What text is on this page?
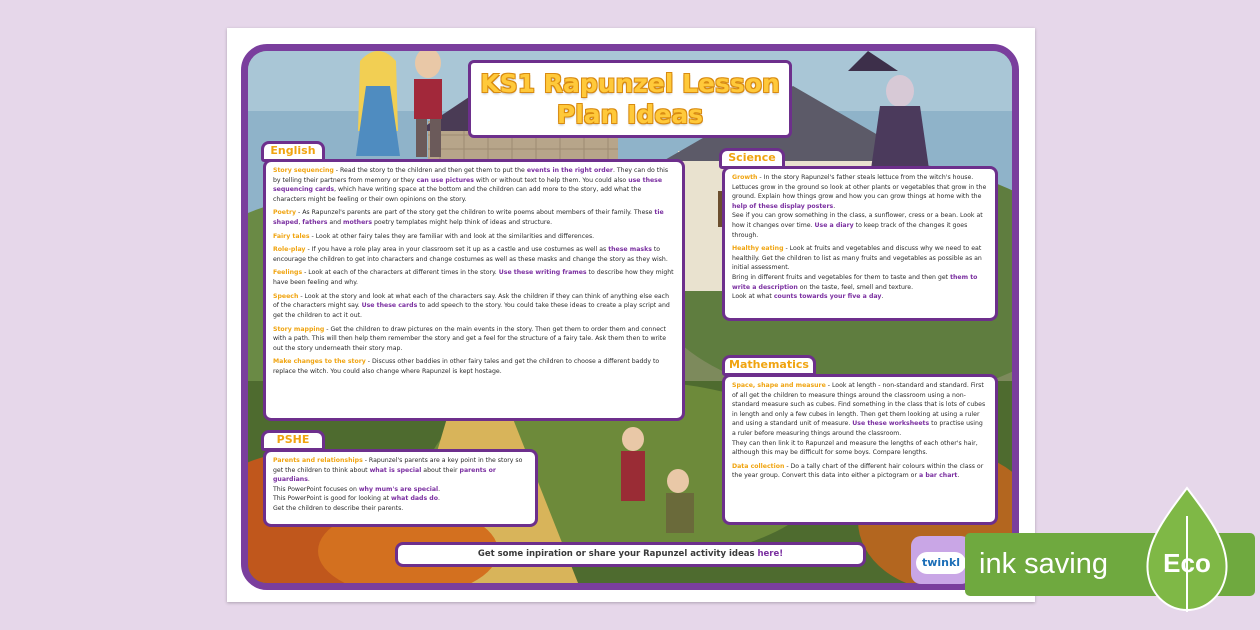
KS1 Rapunzel Lesson
Plan Ideas
English

Story sequencing - Read the story to the children and then get them to put the events in the right order. They can do this by telling their partners from memory or they can use pictures with or without text to help them. You could also use these sequencing cards, which have writing space at the bottom and the children can add more to the story, add what the characters might be feeling or their own opinions on the story.

Poetry - As Rapunzel's parents are part of the story get the children to write poems about members of their family. These tie shaped, fathers and mothers poetry templates might help think of ideas and structure.

Fairy tales - Look at other fairy tales they are familiar with and look at the similarities and differences.

Role-play - If you have a role play area in your classroom set it up as a castle and use costumes as well as these masks to encourage the children to get into characters and change costumes as well as these masks and change the story as they wish.

Feelings - Look at each of the characters at different times in the story. Use these writing frames to describe how they might have been feeling and why.

Speech - Look at the story and look at what each of the characters say. Ask the children if they can think of anything else each of the characters might say. Use these cards to add speech to the story. You could take these ideas to create a play script and get the children to act it out.

Story mapping - Get the children to draw pictures on the main events in the story. Then get them to order them and connect with a path. This will then help them remember the story and get a feel for the structure of a fairy tale. Ask them then to write out the story underneath their story map.

Make changes to the story - Discuss other baddies in other fairy tales and get the children to choose a different baddy to replace the witch. You could also change where Rapunzel is kept hostage.

PSHE

Parents and relationships - Rapunzel's parents are a key point in the story so get the children to think about what is special about their parents or guardians.
This PowerPoint focuses on why mum's are special.
This PowerPoint is good for looking at what dads do.
Get the children to describe their parents.

Science

Growth - In the story Rapunzel's father steals lettuce from the witch's house. Lettuces grow in the ground so look at other plants or vegetables that grow in the ground. Explain how things grow and how you can grow things at home with the help of these display posters.
See if you can grow something in the class, a sunflower, cress or a bean. Look at how it changes over time. Use a diary to keep track of the changes it goes through.

Healthy eating - Look at fruits and vegetables and discuss why we need to eat healthily. Get the children to list as many fruits and vegetables as possible as an initial assessment.
Bring in different fruits and vegetables for them to taste and then get them to write a description on the taste, feel, smell and texture.
Look at what counts towards your five a day.

Mathematics

Space, shape and measure - Look at length - non-standard and standard. First of all get the children to measure things around the classroom using a non-standard measure such as cubes. Find something in the class that is lots of cubes in length and only a few cubes in length. Then get them looking at using a ruler and using a standard unit of measure. Use these worksheets to practise using a ruler before measuring things around the classroom.
They can then link it to Rapunzel and measure the lengths of each other's hair, although this may be difficult for some boys. Compare lengths.

Data collection - Do a tally chart of the different hair colours within the class or the year group. Convert this data into either a pictogram or a bar chart.

Get some inpiration or share your Rapunzel activity ideas here!
twinkl ink saving Eco
